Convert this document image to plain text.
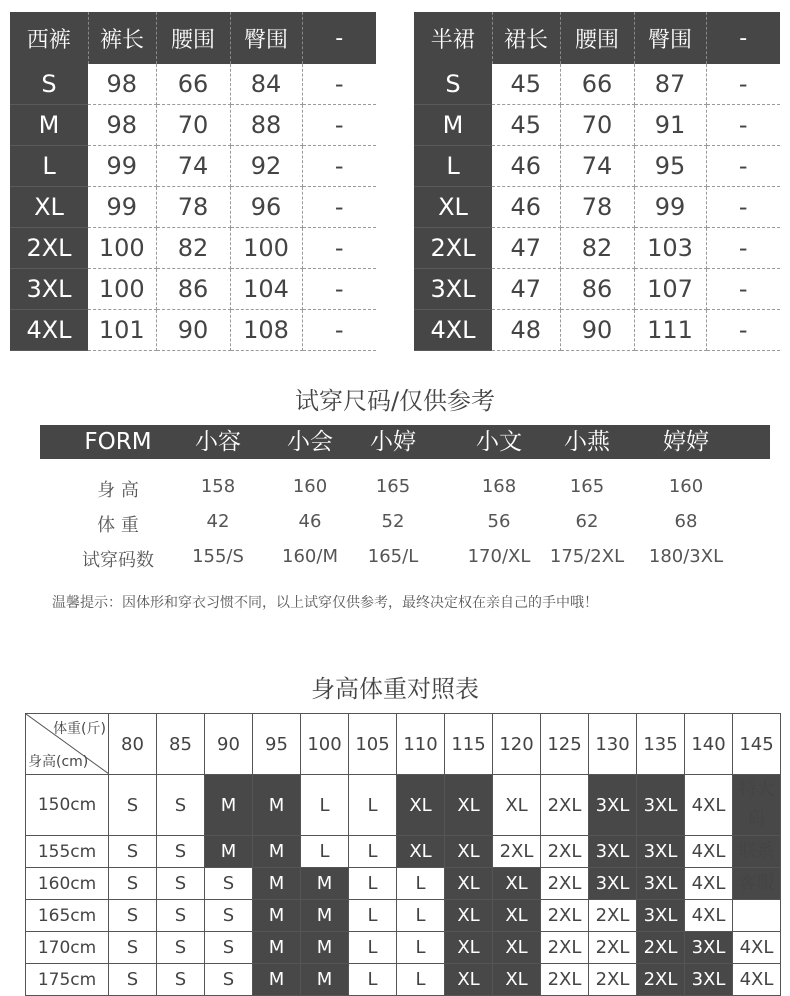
西裤	裤长	腰围	臀围	-
S	98	66	84	-
M	98	70	88	-
L	99	74	92	-
XL	99	78	96	-
2XL	100	82	100	-
3XL	100	86	104	-
4XL	101	90	108	-
半裙	裙长	腰围	臀围	-
S	45	66	87	-
M	45	70	91	-
L	46	74	95	-
XL	46	78	99	-
2XL	47	82	103	-
3XL	47	86	107	-
4XL	48	90	111	-
试穿尺码/仅供参考
FORM 小容 小会 小婷	小文 小燕 婷婷
身 高	158	160	165	168	165	160
体 重	42	46	52	56	62	68
试穿码数 155/S 160/M 165/L	170/XL 175/2XL 180/3XL
温馨提示：因体形和穿衣习惯不同，以上试穿仅供参考，最终决定权在亲自己的手中哦！
身高体重对照表
体重(斤)
身高(cm)	80	85	90	95	100	105	110	115	120	125	130	135	140	145
150cm	S	S	M	M	L	L	XL	XL	XL	2XL	3XL	3XL	4XL	特大码
155cm	S	S	M	M	L	L	XL	XL	2XL	2XL	3XL	3XL	4XL	联系
160cm	S	S	S	M	M	L	L	XL	XL	2XL	3XL	3XL	4XL	客服
165cm	S	S	S	M	M	L	L	XL	XL	2XL	2XL	3XL	4XL	
170cm	S	S	S	M	M	L	L	XL	XL	2XL	2XL	2XL	3XL	4XL
175cm	S	S	S	M	M	L	L	XL	XL	2XL	2XL	2XL	3XL	4XL
